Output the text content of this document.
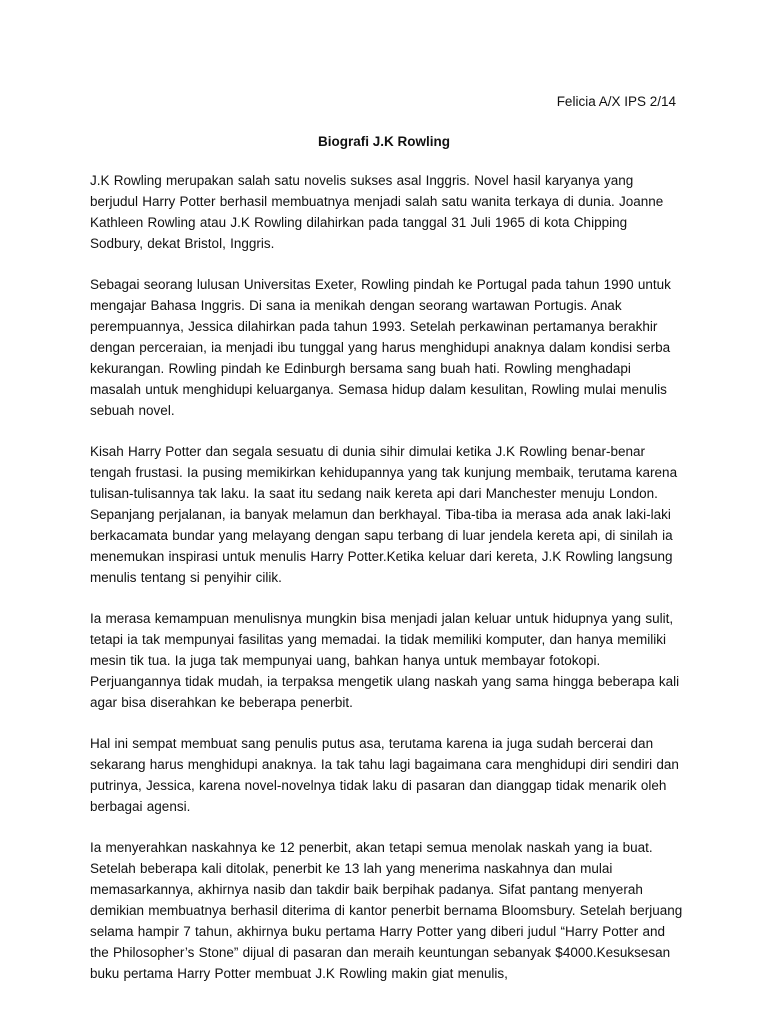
Felicia A/X IPS 2/14
Biografi J.K Rowling

J.K Rowling merupakan salah satu novelis sukses asal Inggris. Novel hasil karyanya yang berjudul Harry Potter berhasil membuatnya menjadi salah satu wanita terkaya di dunia. Joanne Kathleen Rowling atau J.K Rowling dilahirkan pada tanggal 31 Juli 1965 di kota Chipping Sodbury, dekat Bristol, Inggris.

Sebagai seorang lulusan Universitas Exeter, Rowling pindah ke Portugal pada tahun 1990 untuk mengajar Bahasa Inggris. Di sana ia menikah dengan seorang wartawan Portugis. Anak perempuannya, Jessica dilahirkan pada tahun 1993. Setelah perkawinan pertamanya berakhir dengan perceraian, ia menjadi ibu tunggal yang harus menghidupi anaknya dalam kondisi serba kekurangan. Rowling pindah ke Edinburgh bersama sang buah hati. Rowling menghadapi masalah untuk menghidupi keluarganya. Semasa hidup dalam kesulitan, Rowling mulai menulis sebuah novel.

Kisah Harry Potter dan segala sesuatu di dunia sihir dimulai ketika J.K Rowling benar-benar tengah frustasi. Ia pusing memikirkan kehidupannya yang tak kunjung membaik, terutama karena tulisan-tulisannya tak laku. Ia saat itu sedang naik kereta api dari Manchester menuju London. Sepanjang perjalanan, ia banyak melamun dan berkhayal. Tiba-tiba ia merasa ada anak laki-laki berkacamata bundar yang melayang dengan sapu terbang di luar jendela kereta api, di sinilah ia menemukan inspirasi untuk menulis Harry Potter.Ketika keluar dari kereta, J.K Rowling langsung menulis tentang si penyihir cilik.

Ia merasa kemampuan menulisnya mungkin bisa menjadi jalan keluar untuk hidupnya yang sulit, tetapi ia tak mempunyai fasilitas yang memadai. Ia tidak memiliki komputer, dan hanya memiliki mesin tik tua. Ia juga tak mempunyai uang, bahkan hanya untuk membayar fotokopi. Perjuangannya tidak mudah, ia terpaksa mengetik ulang naskah yang sama hingga beberapa kali agar bisa diserahkan ke beberapa penerbit.

Hal ini sempat membuat sang penulis putus asa, terutama karena ia juga sudah bercerai dan sekarang harus menghidupi anaknya. Ia tak tahu lagi bagaimana cara menghidupi diri sendiri dan putrinya, Jessica, karena novel-novelnya tidak laku di pasaran dan dianggap tidak menarik oleh berbagai agensi.

Ia menyerahkan naskahnya ke 12 penerbit, akan tetapi semua menolak naskah yang ia buat. Setelah beberapa kali ditolak, penerbit ke 13 lah yang menerima naskahnya dan mulai memasarkannya, akhirnya nasib dan takdir baik berpihak padanya. Sifat pantang menyerah demikian membuatnya berhasil diterima di kantor penerbit bernama Bloomsbury. Setelah berjuang selama hampir 7 tahun, akhirnya buku pertama Harry Potter yang diberi judul “Harry Potter and the Philosopher’s Stone” dijual di pasaran dan meraih keuntungan sebanyak $4000.Kesuksesan buku pertama Harry Potter membuat J.K Rowling makin giat menulis,
